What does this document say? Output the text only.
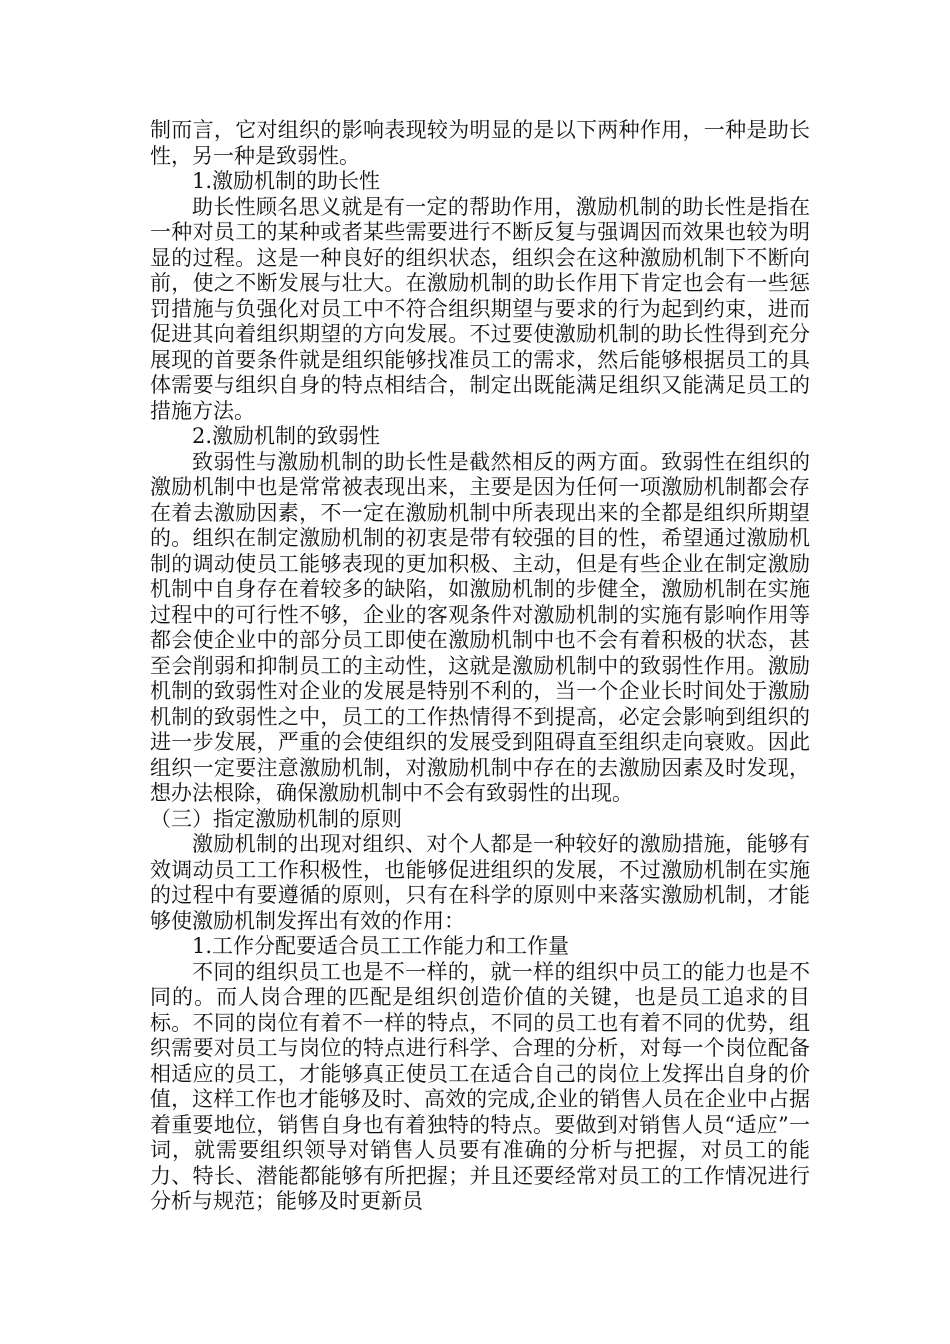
制而言，它对组织的影响表现较为明显的是以下两种作用，一种是助长性，另一种是致弱性。

1.激励机制的助长性

助长性顾名思义就是有一定的帮助作用，激励机制的助长性是指在一种对员工的某种或者某些需要进行不断反复与强调因而效果也较为明显的过程。这是一种良好的组织状态，组织会在这种激励机制下不断向前，使之不断发展与壮大。在激励机制的助长作用下肯定也会有一些惩罚措施与负强化对员工中不符合组织期望与要求的行为起到约束，进而促进其向着组织期望的方向发展。不过要使激励机制的助长性得到充分展现的首要条件就是组织能够找准员工的需求，然后能够根据员工的具体需要与组织自身的特点相结合，制定出既能满足组织又能满足员工的措施方法。

2.激励机制的致弱性

致弱性与激励机制的助长性是截然相反的两方面。致弱性在组织的激励机制中也是常常被表现出来，主要是因为任何一项激励机制都会存在着去激励因素，不一定在激励机制中所表现出来的全都是组织所期望的。组织在制定激励机制的初衷是带有较强的目的性，希望通过激励机制的调动使员工能够表现的更加积极、主动，但是有些企业在制定激励机制中自身存在着较多的缺陷，如激励机制的步健全，激励机制在实施过程中的可行性不够，企业的客观条件对激励机制的实施有影响作用等都会使企业中的部分员工即使在激励机制中也不会有着积极的状态，甚至会削弱和抑制员工的主动性，这就是激励机制中的致弱性作用。激励机制的致弱性对企业的发展是特别不利的，当一个企业长时间处于激励机制的致弱性之中，员工的工作热情得不到提高，必定会影响到组织的进一步发展，严重的会使组织的发展受到阻碍直至组织走向衰败。因此组织一定要注意激励机制，对激励机制中存在的去激励因素及时发现，想办法根除，确保激励机制中不会有致弱性的出现。

（三）指定激励机制的原则

激励机制的出现对组织、对个人都是一种较好的激励措施，能够有效调动员工工作积极性，也能够促进组织的发展，不过激励机制在实施的过程中有要遵循的原则，只有在科学的原则中来落实激励机制，才能够使激励机制发挥出有效的作用：

1.工作分配要适合员工工作能力和工作量

不同的组织员工也是不一样的，就一样的组织中员工的能力也是不同的。而人岗合理的匹配是组织创造价值的关键，也是员工追求的目标。不同的岗位有着不一样的特点，不同的员工也有着不同的优势，组织需要对员工与岗位的特点进行科学、合理的分析，对每一个岗位配备相适应的员工，才能够真正使员工在适合自己的岗位上发挥出自身的价值，这样工作也才能够及时、高效的完成,企业的销售人员在企业中占据着重要地位，销售自身也有着独特的特点。要做到对销售人员“适应”一词，就需要组织领导对销售人员要有准确的分析与把握，对员工的能力、特长、潜能都能够有所把握；并且还要经常对员工的工作情况进行分析与规范；能够及时更新员
